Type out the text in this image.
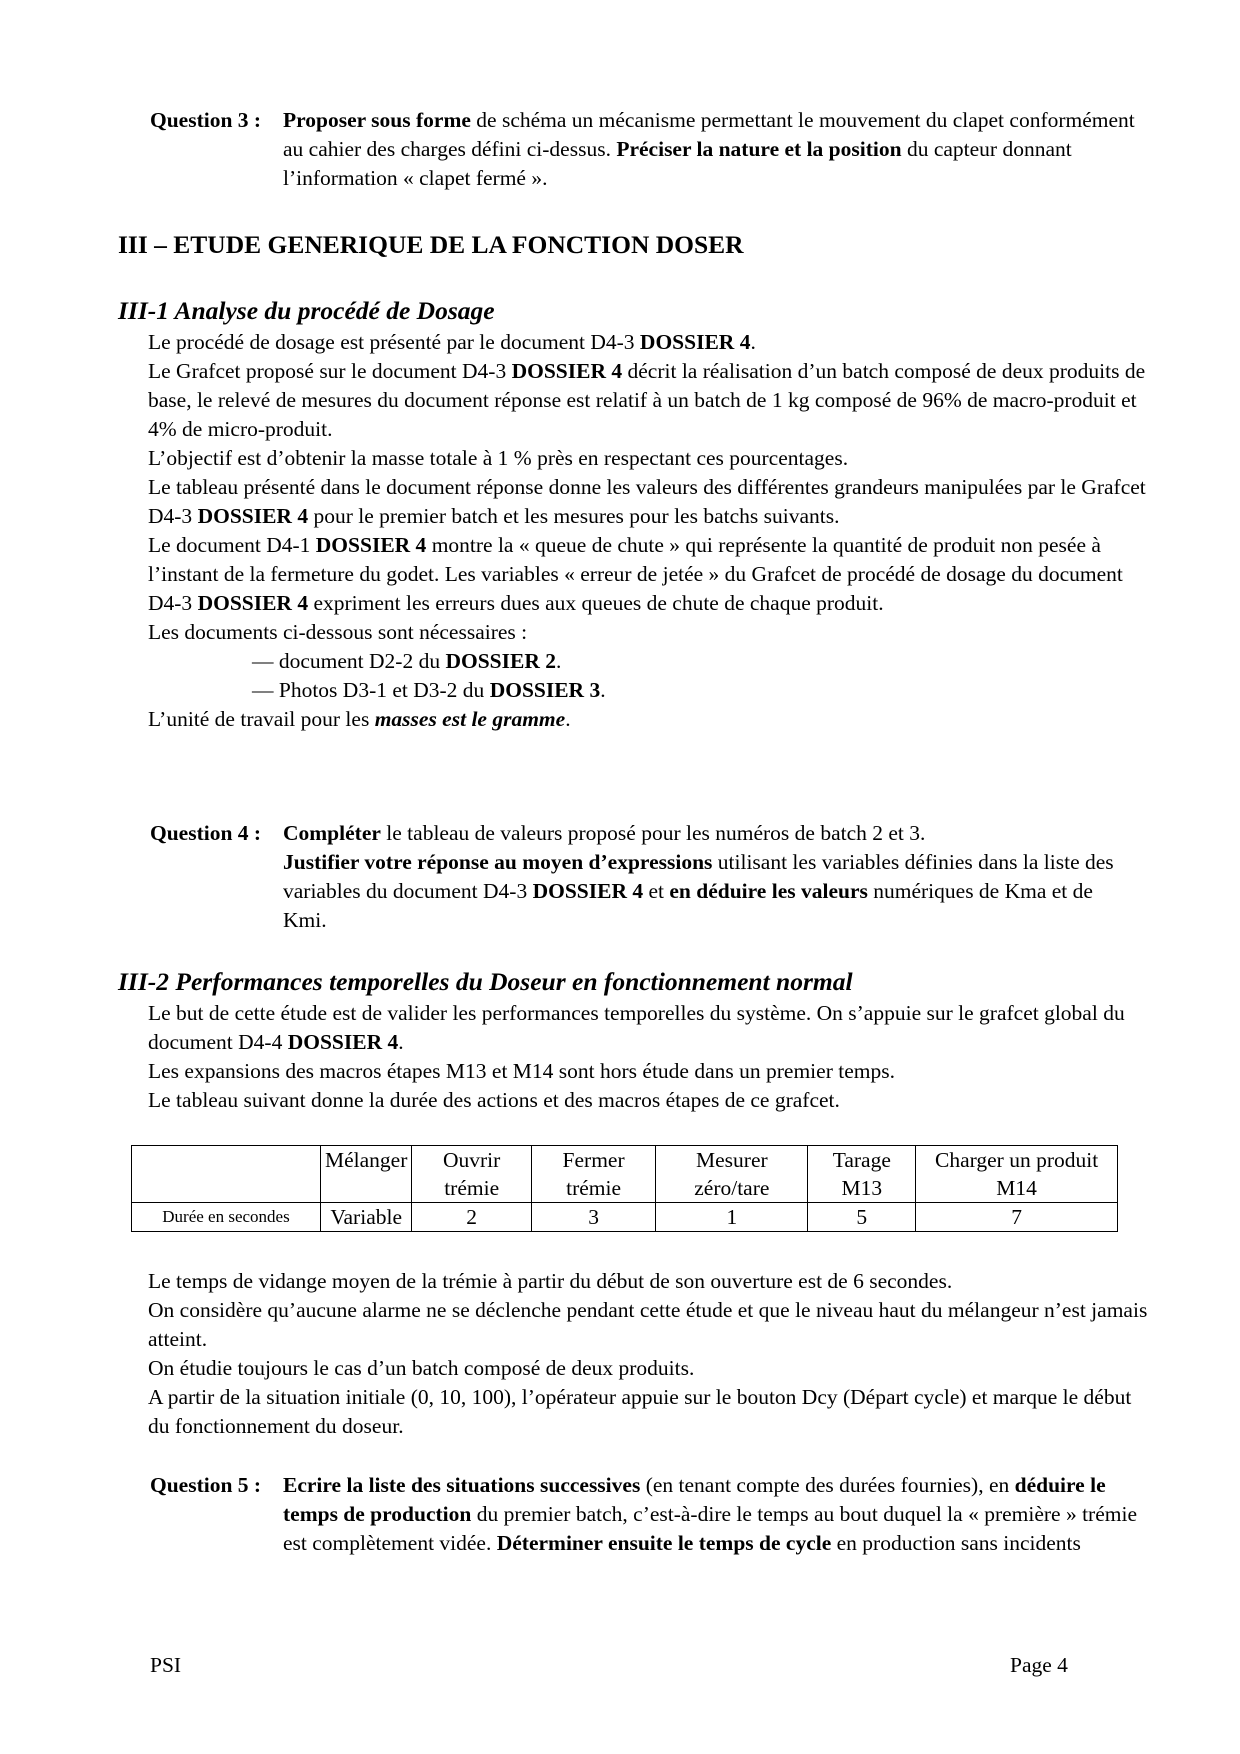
Question 3 : Proposer sous forme de schéma un mécanisme permettant le mouvement du clapet conformément au cahier des charges défini ci-dessus. Préciser la nature et la position du capteur donnant l’information « clapet fermé ».
III – ETUDE GENERIQUE DE LA FONCTION DOSER
III-1 Analyse du procédé de Dosage

Le procédé de dosage est présenté par le document D4-3 DOSSIER 4.

Le Grafcet proposé sur le document D4-3 DOSSIER 4 décrit la réalisation d’un batch composé de deux produits de base, le relevé de mesures du document réponse est relatif à un batch de 1 kg composé de 96% de macro-produit et 4% de micro-produit.

L’objectif est d’obtenir la masse totale à 1 % près en respectant ces pourcentages.

Le tableau présenté dans le document réponse donne les valeurs des différentes grandeurs manipulées par le Grafcet D4-3 DOSSIER 4 pour le premier batch et les mesures pour les batchs suivants.

Le document D4-1 DOSSIER 4 montre la « queue de chute » qui représente la quantité de produit non pesée à l’instant de la fermeture du godet. Les variables « erreur de jetée » du Grafcet de procédé de dosage du document D4-3 DOSSIER 4 expriment les erreurs dues aux queues de chute de chaque produit.

Les documents ci-dessous sont nécessaires :

— document D2-2 du DOSSIER 2.
— Photos D3-1 et D3-2 du DOSSIER 3.

L’unité de travail pour les masses est le gramme.

Question 4 : Compléter le tableau de valeurs proposé pour les numéros de batch 2 et 3.
Justifier votre réponse au moyen d’expressions utilisant les variables définies dans la liste des variables du document D4-3 DOSSIER 4 et en déduire les valeurs numériques de Kma et de Kmi.
III-2 Performances temporelles du Doseur en fonctionnement normal

Le but de cette étude est de valider les performances temporelles du système. On s’appuie sur le grafcet global du document D4-4 DOSSIER 4.

Les expansions des macros étapes M13 et M14 sont hors étude dans un premier temps.

Le tableau suivant donne la durée des actions et des macros étapes de ce grafcet.

	Mélanger	Ouvrir trémie	Fermer trémie	Mesurer zéro/tare	Tarage M13	Charger un produit M14
Durée en secondes	Variable	2	3	1	5	7

Le temps de vidange moyen de la trémie à partir du début de son ouverture est de 6 secondes.

On considère qu’aucune alarme ne se déclenche pendant cette étude et que le niveau haut du mélangeur n’est jamais atteint.

On étudie toujours le cas d’un batch composé de deux produits.

A partir de la situation initiale (0, 10, 100), l’opérateur appuie sur le bouton Dcy (Départ cycle) et marque le début du fonctionnement du doseur.

Question 5 : Ecrire la liste des situations successives (en tenant compte des durées fournies), en déduire le temps de production du premier batch, c’est-à-dire le temps au bout duquel la « première » trémie est complètement vidée. Déterminer ensuite le temps de cycle en production sans incidents
PSI	Page 4
